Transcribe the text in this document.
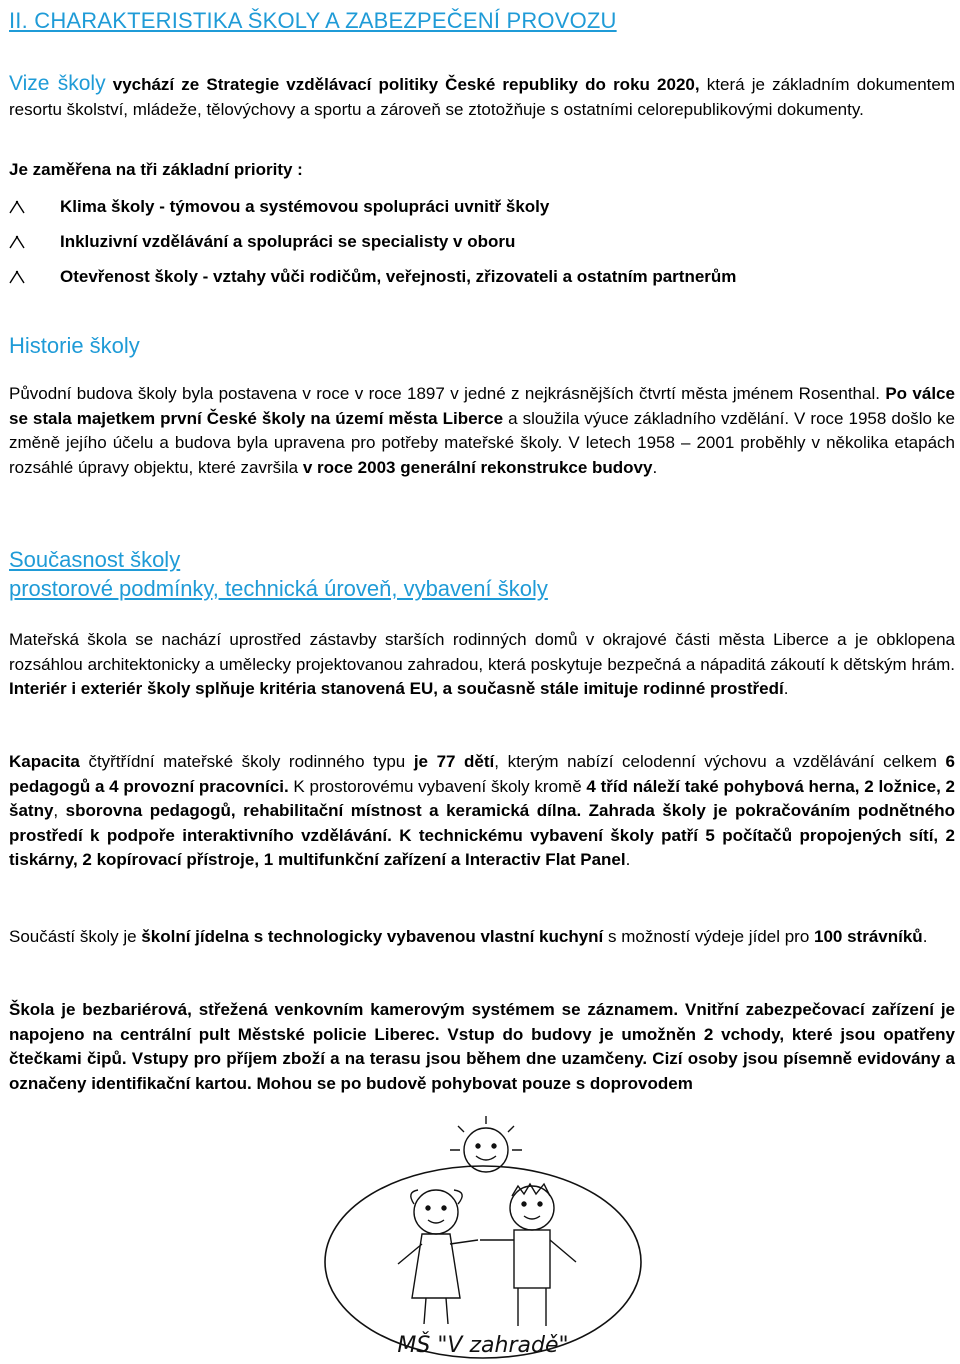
II. CHARAKTERISTIKA ŠKOLY A ZABEZPEČENÍ PROVOZU
Vize školy vychází ze Strategie vzdělávací politiky České republiky do roku 2020, která je základním dokumentem resortu školství, mládeže, tělovýchovy a sportu a zároveň se ztotožňuje s ostatními celorepublikovými dokumenty.
Je zaměřena na tři základní priority :
Klima školy - týmovou a systémovou spolupráci uvnitř školy
Inkluzivní vzdělávání a spolupráci se specialisty v oboru
Otevřenost školy - vztahy vůči rodičům, veřejnosti, zřizovateli a ostatním partnerům
Historie školy
Původní budova školy byla postavena v roce v roce 1897 v jedné z nejkrásnějších čtvrtí města jménem Rosenthal. Po válce se stala majetkem první České školy na území města Liberce a sloužila výuce základního vzdělání. V roce 1958 došlo ke změně jejího účelu a budova byla upravena pro potřeby mateřské školy. V letech 1958 – 2001 proběhly v několika etapách rozsáhlé úpravy objektu, které završila v roce 2003 generální rekonstrukce budovy.
Současnost školy
prostorové podmínky, technická úroveň, vybavení školy
Mateřská škola se nachází uprostřed zástavby starších rodinných domů v okrajové části města Liberce a je obklopena rozsáhlou architektonicky a umělecky projektovanou zahradou, která poskytuje bezpečná a nápaditá zákoutí k dětským hrám. Interiér i exteriér školy splňuje kritéria stanovená EU, a současně stále imituje rodinné prostředí.
Kapacita čtyřtřídní mateřské školy rodinného typu je 77 dětí, kterým nabízí celodenní výchovu a vzdělávání celkem 6 pedagogů a 4 provozní pracovníci. K prostorovému vybavení školy kromě 4 tříd náleží také pohybová herna, 2 ložnice, 2 šatny, sborovna pedagogů, rehabilitační místnost a keramická dílna. Zahrada školy je pokračováním podnětného prostředí k podpoře interaktivního vzdělávání. K technickému vybavení školy patří 5 počítačů propojených sítí, 2 tiskárny, 2 kopírovací přístroje, 1 multifunkční zařízení a Interactiv Flat Panel.
Součástí školy je školní jídelna s technologicky vybavenou vlastní kuchyní s možností výdeje jídel pro 100 strávníků.
Škola je bezbariérová, střežená venkovním kamerovým systémem se záznamem. Vnitřní zabezpečovací zařízení je napojeno na centrální pult Městské policie Liberec. Vstup do budovy je umožněn 2 vchody, které jsou opatřeny čtečkami čipů. Vstupy pro příjem zboží a na terasu jsou během dne uzamčeny. Cizí osoby jsou písemně evidovány a označeny identifikační kartou. Mohou se po budově pohybovat pouze s doprovodem
MŠ "V zahradě"
